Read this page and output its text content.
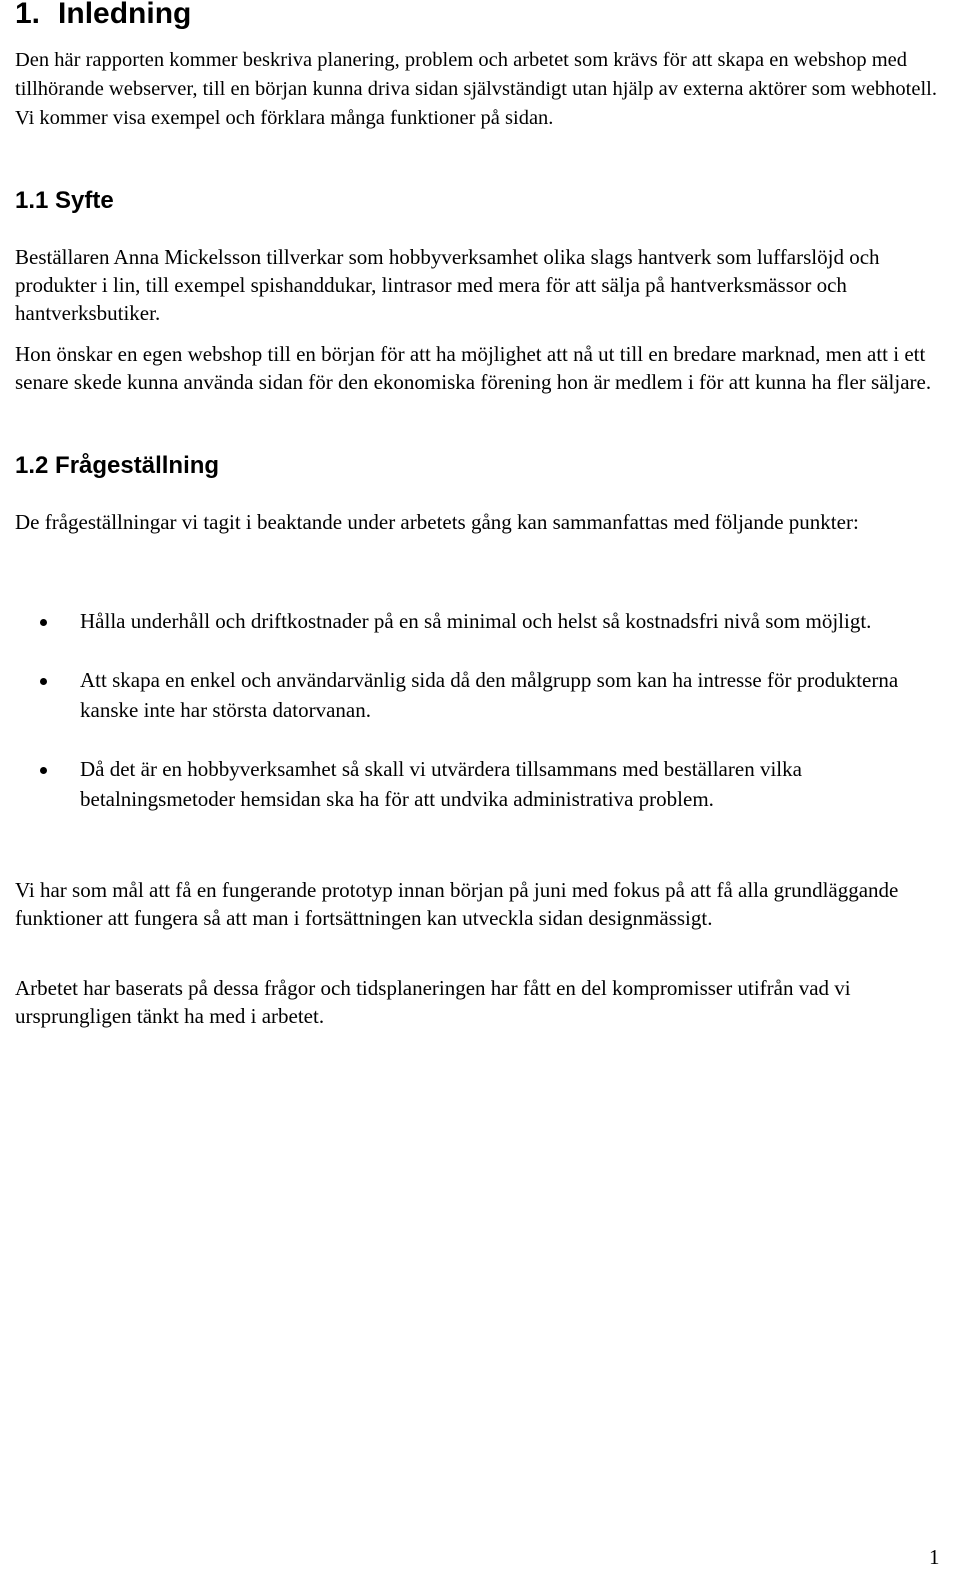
1. Inledning

Den här rapporten kommer beskriva planering, problem och arbetet som krävs för att skapa en webshop med tillhörande webserver, till en början kunna driva sidan självständigt utan hjälp av externa aktörer som webhotell. Vi kommer visa exempel och förklara många funktioner på sidan.

1.1 Syfte

Beställaren Anna Mickelsson tillverkar som hobbyverksamhet olika slags hantverk som luffarslöjd och produkter i lin, till exempel spishanddukar, lintrasor med mera för att sälja på hantverksmässor och hantverksbutiker.

Hon önskar en egen webshop till en början för att ha möjlighet att nå ut till en bredare marknad, men att i ett senare skede kunna använda sidan för den ekonomiska förening hon är medlem i för att kunna ha fler säljare.

1.2 Frågeställning

De frågeställningar vi tagit i beaktande under arbetets gång kan sammanfattas med följande punkter:

Hålla underhåll och driftkostnader på en så minimal och helst så kostnadsfri nivå som möjligt.
Att skapa en enkel och användarvänlig sida då den målgrupp som kan ha intresse för produkterna kanske inte har största datorvanan.
Då det är en hobbyverksamhet så skall vi utvärdera tillsammans med beställaren vilka betalningsmetoder hemsidan ska ha för att undvika administrativa problem.

Vi har som mål att få en fungerande prototyp innan början på juni med fokus på att få alla grundläggande funktioner att fungera så att man i fortsättningen kan utveckla sidan designmässigt.

Arbetet har baserats på dessa frågor och tidsplaneringen har fått en del kompromisser utifrån vad vi ursprungligen tänkt ha med i arbetet.

1
